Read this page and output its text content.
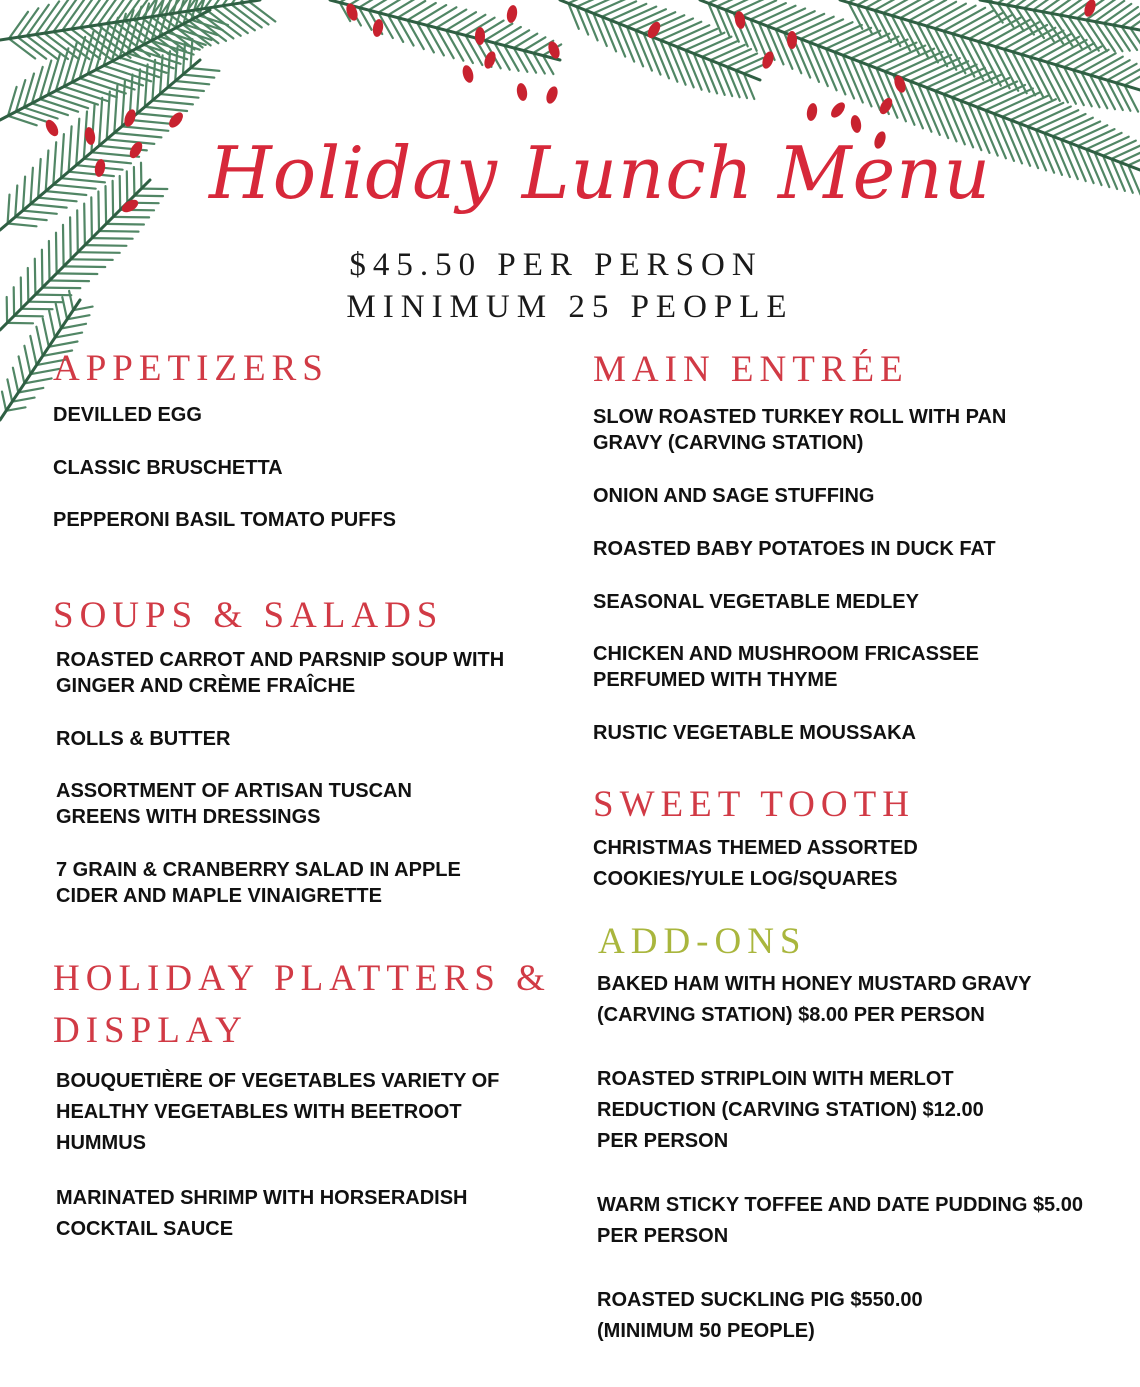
Holiday Lunch Menu
$45.50 PER PERSON
MINIMUM 25 PEOPLE
APPETIZERS
DEVILLED EGG
CLASSIC BRUSCHETTA
PEPPERONI BASIL TOMATO PUFFS
SOUPS & SALADS
ROASTED CARROT AND PARSNIP SOUP WITH GINGER AND CRÈME FRAÎCHE
ROLLS & BUTTER
ASSORTMENT OF ARTISAN TUSCAN GREENS WITH DRESSINGS
7 GRAIN & CRANBERRY SALAD IN APPLE CIDER AND MAPLE VINAIGRETTE
HOLIDAY PLATTERS & DISPLAY
BOUQUETIÈRE OF VEGETABLES VARIETY OF HEALTHY VEGETABLES WITH BEETROOT HUMMUS
MARINATED SHRIMP WITH HORSERADISH COCKTAIL SAUCE
MAIN ENTRÉE
SLOW ROASTED TURKEY ROLL WITH PAN GRAVY (CARVING STATION)
ONION AND SAGE STUFFING
ROASTED BABY POTATOES IN DUCK FAT
SEASONAL VEGETABLE MEDLEY
CHICKEN AND MUSHROOM FRICASSEE PERFUMED WITH THYME
RUSTIC VEGETABLE MOUSSAKA
SWEET TOOTH
CHRISTMAS THEMED ASSORTED COOKIES/YULE LOG/SQUARES
ADD-ONS
BAKED HAM WITH HONEY MUSTARD GRAVY (CARVING STATION) $8.00 PER PERSON
ROASTED STRIPLOIN WITH MERLOT REDUCTION (CARVING STATION) $12.00 PER PERSON
WARM STICKY TOFFEE AND DATE PUDDING $5.00 PER PERSON
ROASTED SUCKLING PIG $550.00 (MINIMUM 50 PEOPLE)
